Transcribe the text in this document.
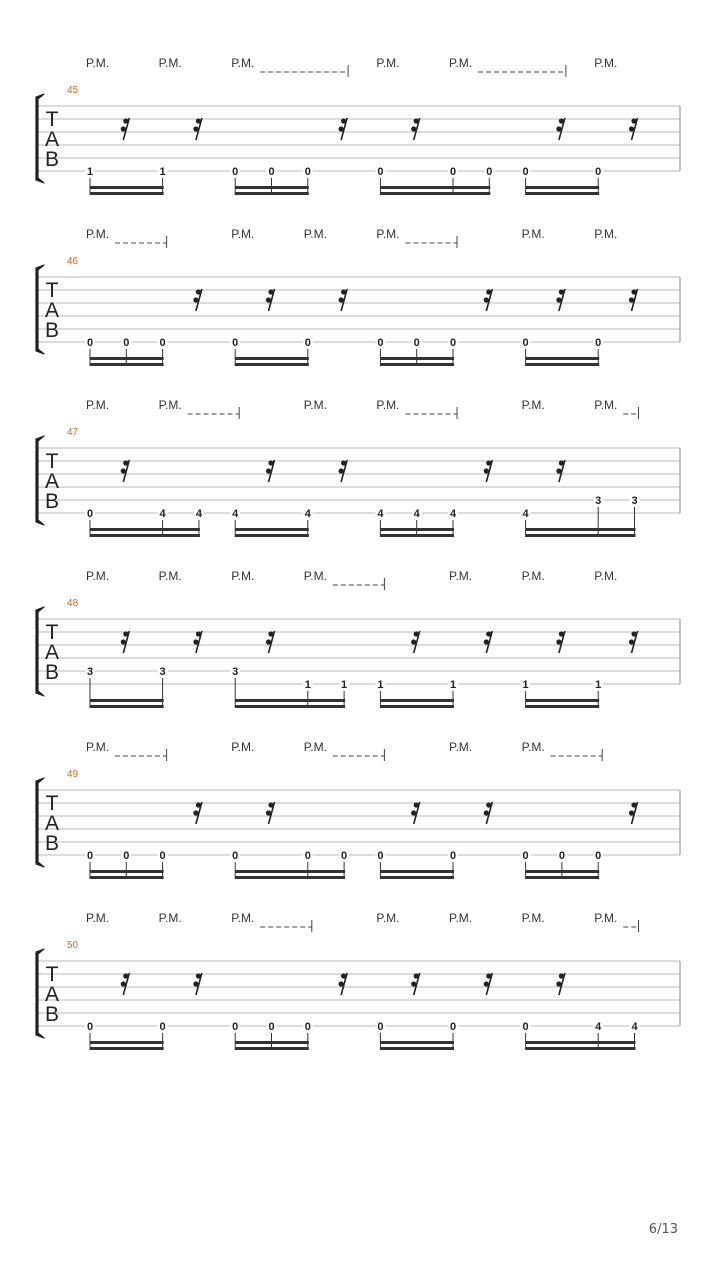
T
A
B
45
P.M.	P.M.	P.M.	P.M.	P.M.	P.M.
1	1	0	0	0	0	0	0	0	0
T
A
B
46
P.M.	P.M.	P.M.	P.M.	P.M.	P.M.
0	0	0	0	0	0	0	0	0	0
T
A
B
47
P.M.	P.M.	P.M.	P.M.	P.M.	P.M.
0	4	4	4	4	4	4	4	4
3	3
T
A
B
48
P.M.	P.M.	P.M.	P.M.	P.M.	P.M.	P.M.
3	3	3
1	1	1	1	1	1
T
A
B
49
P.M.	P.M.	P.M.	P.M.	P.M.
0	0	0	0	0	0	0	0	0	0	0
T
A
B
50
P.M.	P.M.	P.M.	P.M.	P.M.	P.M.	P.M.
0	0	0	0	0	0	0	0	4	4
6/13
